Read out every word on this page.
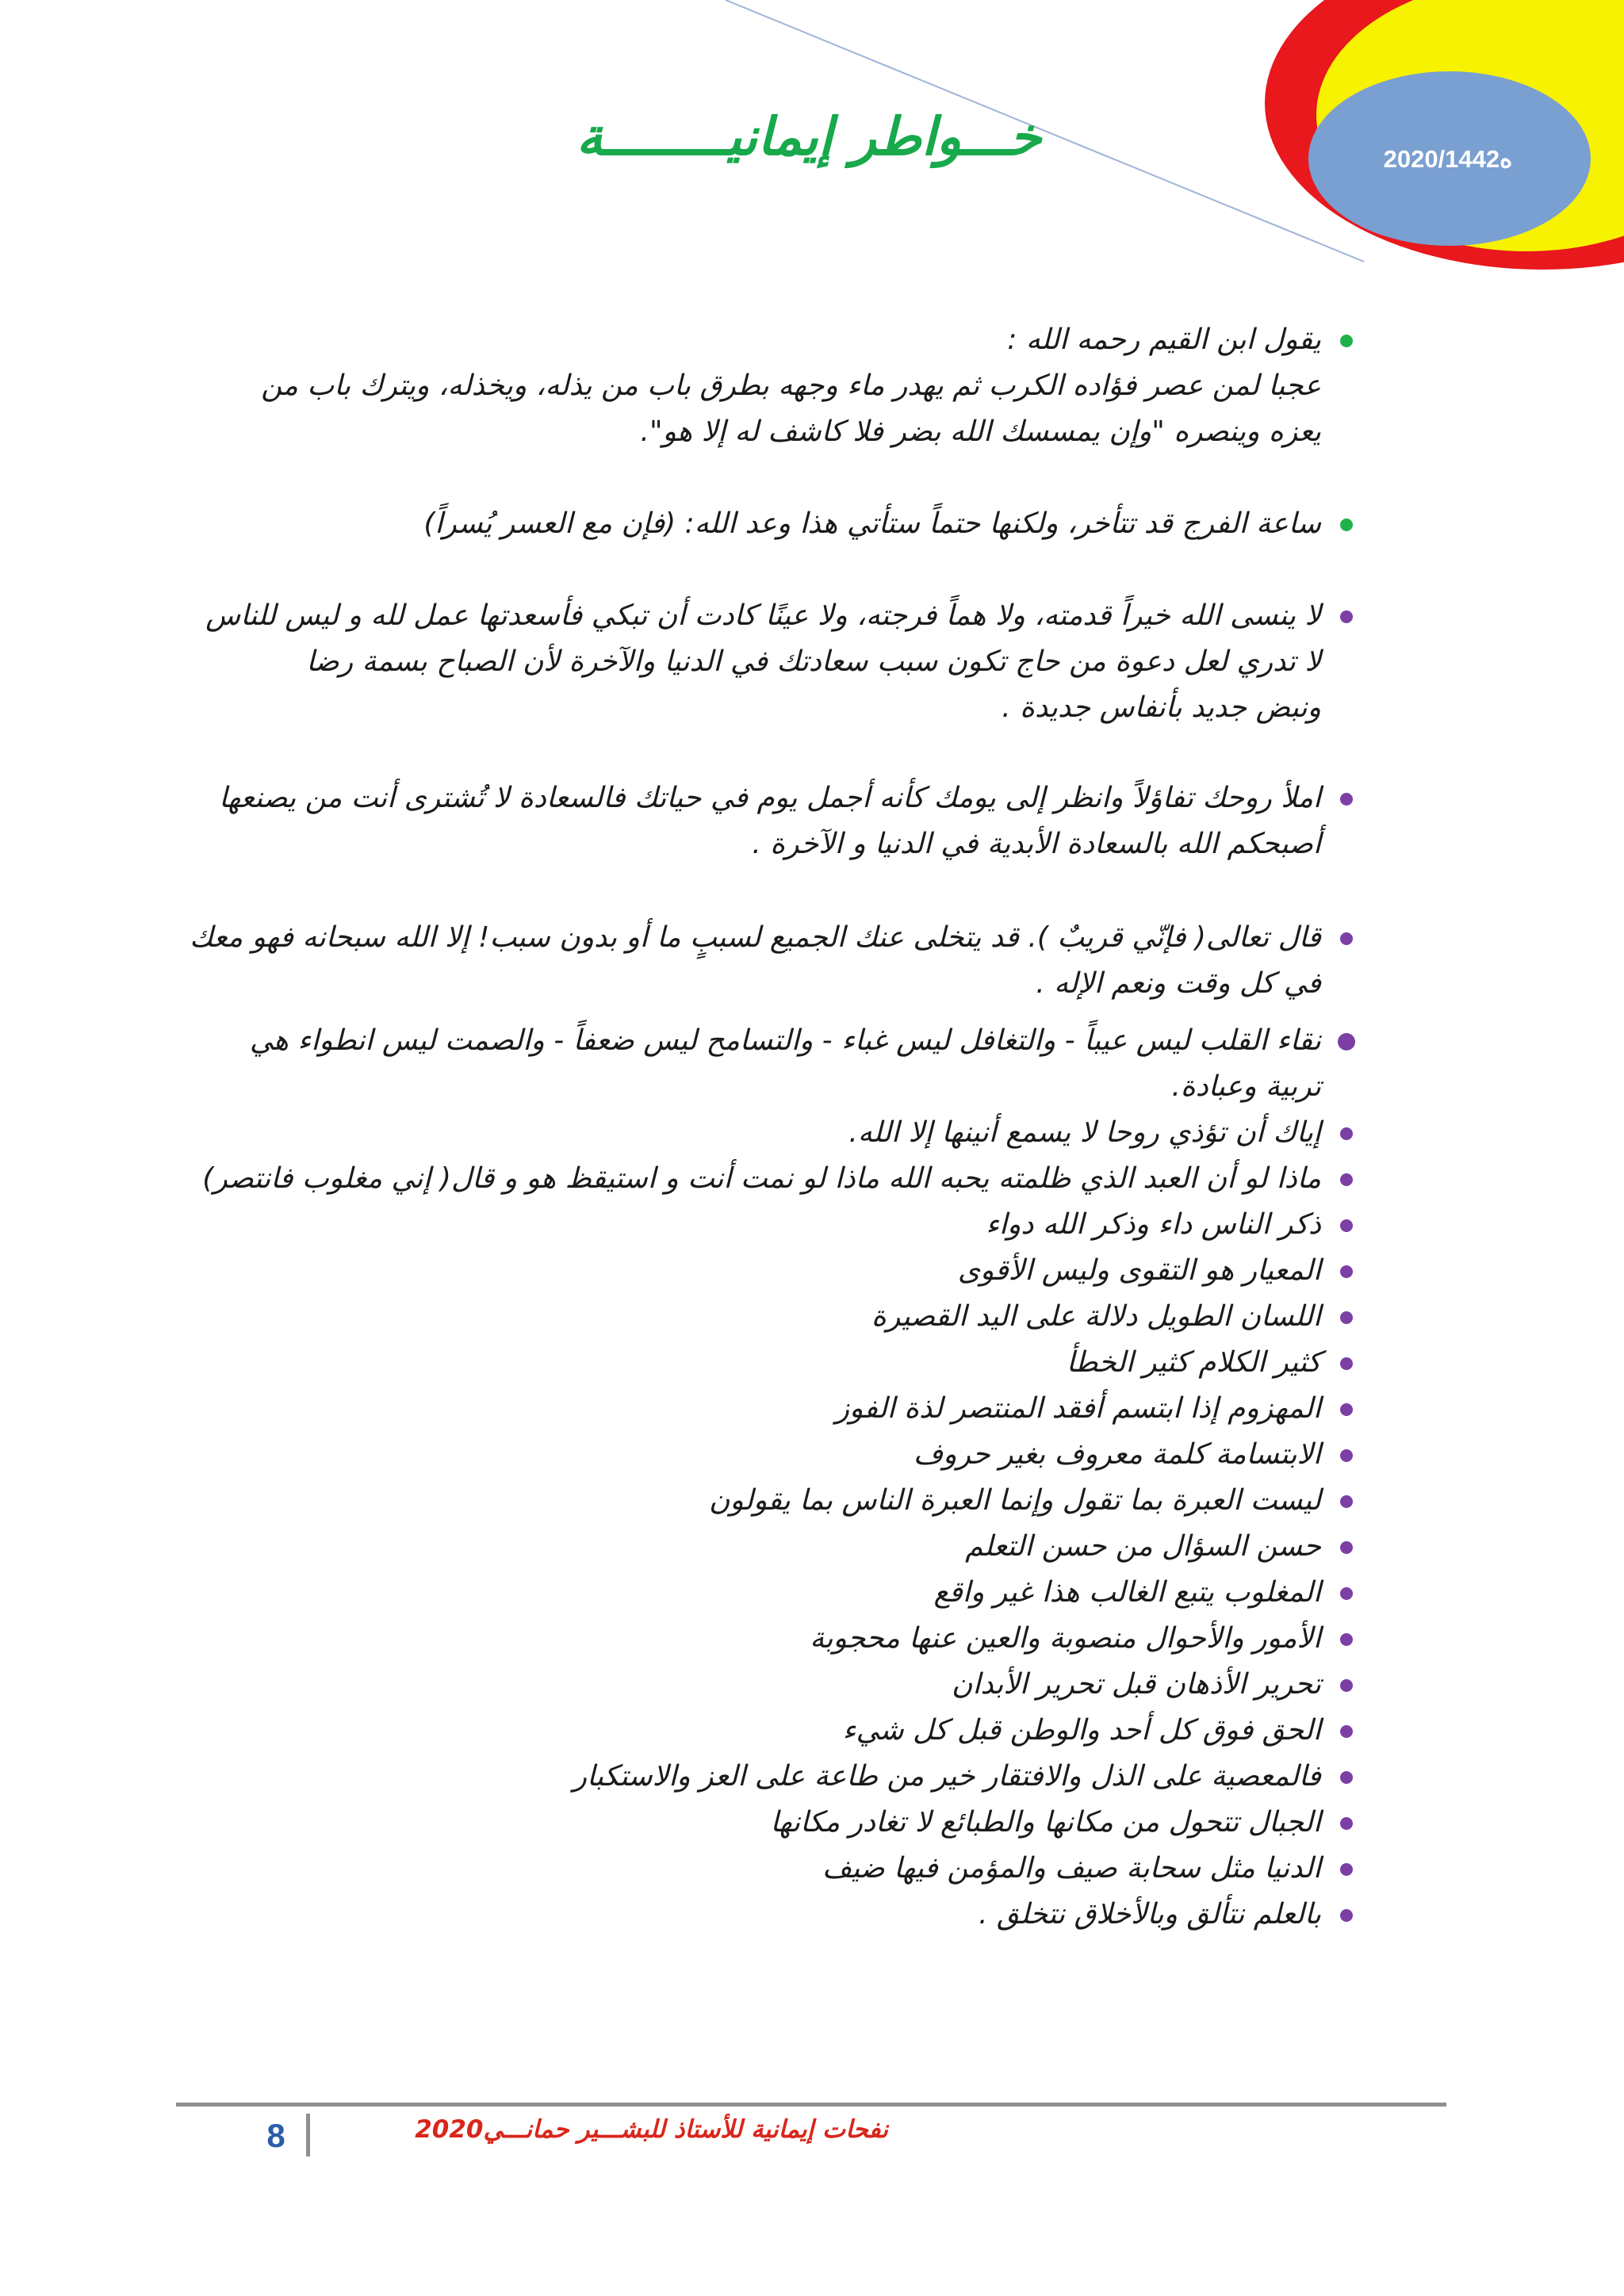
2020/ه1442
خـــواطر إيمانيــــــــة
يقول ابن القيم رحمه الله :
عجبا لمن عصر فؤاده الكرب ثم يهدر ماء وجهه بطرق باب من يذله، ويخذله، ويترك باب من
يعزه وينصره "وإن يمسسك الله بضر فلا كاشف له إلا هو".
ساعة الفرج قد تتأخر، ولكنها حتماً ستأتي هذا وعد الله: (فإن مع العسر يُسراً)
لا ينسى الله خيراً قدمته، ولا هماً فرجته، ولا عينًا كادت أن تبكي فأسعدتها عمل لله و ليس للناس
لا تدري لعل دعوة من حاج تكون سبب سعادتك في الدنيا والآخرة لأن الصباح بسمة رضا
ونبض جديد بأنفاس جديدة .
املأ روحك تفاؤلاً وانظر إلى يومك كأنه أجمل يوم في حياتك فالسعادة لا تُشترى أنت من يصنعها
أصبحكم الله بالسعادة الأبدية في الدنيا و الآخرة .
قال تعالى( فإنّي قريبٌ ). قد يتخلى عنك الجميع لسببٍ ما أو بدون سبب! إلا الله سبحانه فهو معك
في كل وقت ونعم الإله .
نقاء القلب ليس عيباً - والتغافل ليس غباء - والتسامح ليس ضعفاً - والصمت ليس انطواء هي
تربية وعبادة.
إياك أن تؤذي روحا لا يسمع أنينها إلا الله.
ماذا لو أن العبد الذي ظلمته يحبه الله ماذا لو نمت أنت و استيقظ هو و قال( إني مغلوب فانتصر)
ذكر الناس داء وذكر الله دواء
المعيار هو التقوى وليس الأقوى
اللسان الطويل دلالة على اليد القصيرة
كثير الكلام كثير الخطأ
المهزوم إذا ابتسم أفقد المنتصر لذة الفوز
الابتسامة كلمة معروف بغير حروف
ليست العبرة بما تقول وإنما العبرة الناس بما يقولون
حسن السؤال من حسن التعلم
المغلوب يتبع الغالب هذا غير واقع
الأمور والأحوال منصوبة والعين عنها محجوبة
تحرير الأذهان قبل تحرير الأبدان
الحق فوق كل أحد والوطن قبل كل شيء
فالمعصية على الذل والافتقار خير من طاعة على العز والاستكبار
الجبال تتحول من مكانها والطبائع لا تغادر مكانها
الدنيا مثل سحابة صيف والمؤمن فيها ضيف
بالعلم نتألق وبالأخلاق نتخلق .
8	نفحات إيمانية للأستاذ للبشـــير حمانـــي2020
